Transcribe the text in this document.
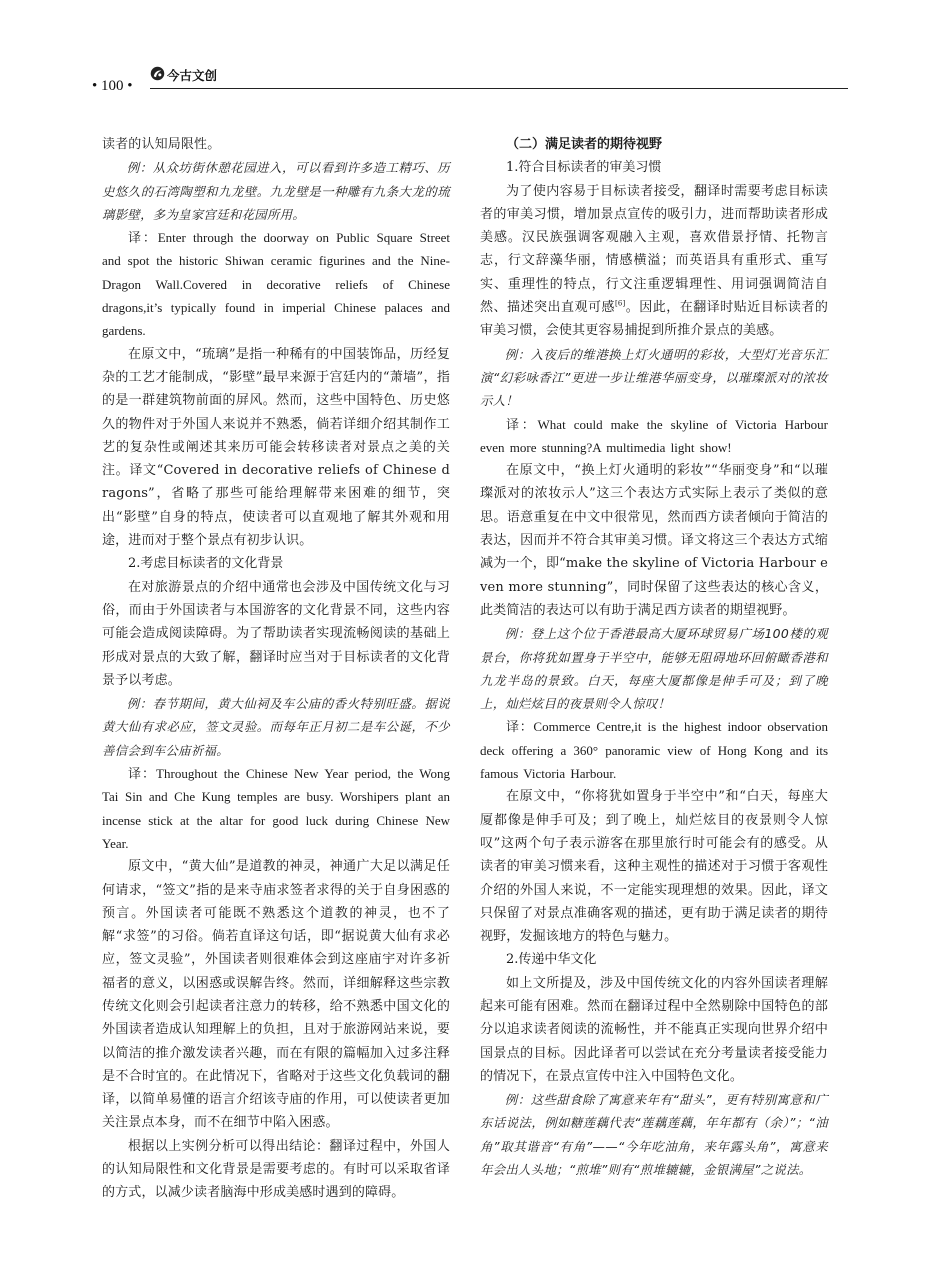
• 100 •
今古文创

读者的认知局限性。

例：从众坊街休憩花园进入，可以看到许多造工精巧、历史悠久的石湾陶塑和九龙壁。九龙壁是一种雕有九条大龙的琉璃影壁，多为皇家宫廷和花园所用。

译：Enter through the doorway on Public Square Street and spot the historic Shiwan ceramic figurines and the Nine-Dragon Wall.Covered in decorative reliefs of Chinese dragons,it’s typically found in imperial Chinese palaces and gardens.

在原文中，“琉璃”是指一种稀有的中国装饰品，历经复杂的工艺才能制成，“影壁”最早来源于宫廷内的“萧墙”，指的是一群建筑物前面的屏风。然而，这些中国特色、历史悠久的物件对于外国人来说并不熟悉，倘若详细介绍其制作工艺的复杂性或阐述其来历可能会转移读者对景点之美的关注。译文“Covered in decorative reliefs of Chinese dragons”，省略了那些可能给理解带来困难的细节，突出“影壁”自身的特点，使读者可以直观地了解其外观和用途，进而对于整个景点有初步认识。

2.考虑目标读者的文化背景

在对旅游景点的介绍中通常也会涉及中国传统文化与习俗，而由于外国读者与本国游客的文化背景不同，这些内容可能会造成阅读障碍。为了帮助读者实现流畅阅读的基础上形成对景点的大致了解，翻译时应当对于目标读者的文化背景予以考虑。

例：春节期间，黄大仙祠及车公庙的香火特别旺盛。据说黄大仙有求必应，签文灵验。而每年正月初二是车公诞，不少善信会到车公庙祈福。

译：Throughout the Chinese New Year period, the Wong Tai Sin and Che Kung temples are busy. Worshipers plant an incense stick at the altar for good luck during Chinese New Year.

原文中，“黄大仙”是道教的神灵，神通广大足以满足任何请求，“签文”指的是来寺庙求签者求得的关于自身困惑的预言。外国读者可能既不熟悉这个道教的神灵，也不了解“求签”的习俗。倘若直译这句话，即“据说黄大仙有求必应，签文灵验”，外国读者则很难体会到这座庙宇对许多祈福者的意义，以困惑或误解告终。然而，详细解释这些宗教传统文化则会引起读者注意力的转移，给不熟悉中国文化的外国读者造成认知理解上的负担，且对于旅游网站来说，要以简洁的推介激发读者兴趣，而在有限的篇幅加入过多注释是不合时宜的。在此情况下，省略对于这些文化负载词的翻译，以简单易懂的语言介绍该寺庙的作用，可以使读者更加关注景点本身，而不在细节中陷入困惑。

根据以上实例分析可以得出结论：翻译过程中，外国人的认知局限性和文化背景是需要考虑的。有时可以采取省译的方式，以减少读者脑海中形成美感时遇到的障碍。

（二）满足读者的期待视野

1.符合目标读者的审美习惯

为了使内容易于目标读者接受，翻译时需要考虑目标读者的审美习惯，增加景点宣传的吸引力，进而帮助读者形成美感。汉民族强调客观融入主观，喜欢借景抒情、托物言志，行文辞藻华丽，情感横溢；而英语具有重形式、重写实、重理性的特点，行文注重逻辑理性、用词强调简洁自然、描述突出直观可感[6]。因此，在翻译时贴近目标读者的审美习惯，会使其更容易捕捉到所推介景点的美感。

例：入夜后的维港换上灯火通明的彩妆，大型灯光音乐汇演“幻彩咏香江”更进一步让维港华丽变身，以璀璨派对的浓妆示人！

译：What could make the skyline of Victoria Harbour even more stunning?A multimedia light show!

在原文中，“换上灯火通明的彩妆”“华丽变身”和“以璀璨派对的浓妆示人”这三个表达方式实际上表示了类似的意思。语意重复在中文中很常见，然而西方读者倾向于简洁的表达，因而并不符合其审美习惯。译文将这三个表达方式缩减为一个，即“make the skyline of Victoria Harbour even more stunning”，同时保留了这些表达的核心含义，此类简洁的表达可以有助于满足西方读者的期望视野。

例：登上这个位于香港最高大厦环球贸易广场100楼的观景台，你将犹如置身于半空中，能够无阻碍地环回俯瞰香港和九龙半岛的景致。白天，每座大厦都像是伸手可及；到了晚上，灿烂炫目的夜景则令人惊叹！

译：Commerce Centre,it is the highest indoor observation deck offering a 360° panoramic view of Hong Kong and its famous Victoria Harbour.

在原文中，“你将犹如置身于半空中”和“白天，每座大厦都像是伸手可及；到了晚上，灿烂炫目的夜景则令人惊叹”这两个句子表示游客在那里旅行时可能会有的感受。从读者的审美习惯来看，这种主观性的描述对于习惯于客观性介绍的外国人来说，不一定能实现理想的效果。因此，译文只保留了对景点准确客观的描述，更有助于满足读者的期待视野，发掘该地方的特色与魅力。

2.传递中华文化

如上文所提及，涉及中国传统文化的内容外国读者理解起来可能有困难。然而在翻译过程中全然剔除中国特色的部分以追求读者阅读的流畅性，并不能真正实现向世界介绍中国景点的目标。因此译者可以尝试在充分考量读者接受能力的情况下，在景点宣传中注入中国特色文化。

例：这些甜食除了寓意来年有“甜头”，更有特别寓意和广东话说法，例如糖莲藕代表“莲藕莲藕，年年都有（余）”；“油角”取其谐音“有角”——“今年吃油角，来年露头角”，寓意来年会出人头地；“煎堆”则有“煎堆辘辘，金银满屋”之说法。
